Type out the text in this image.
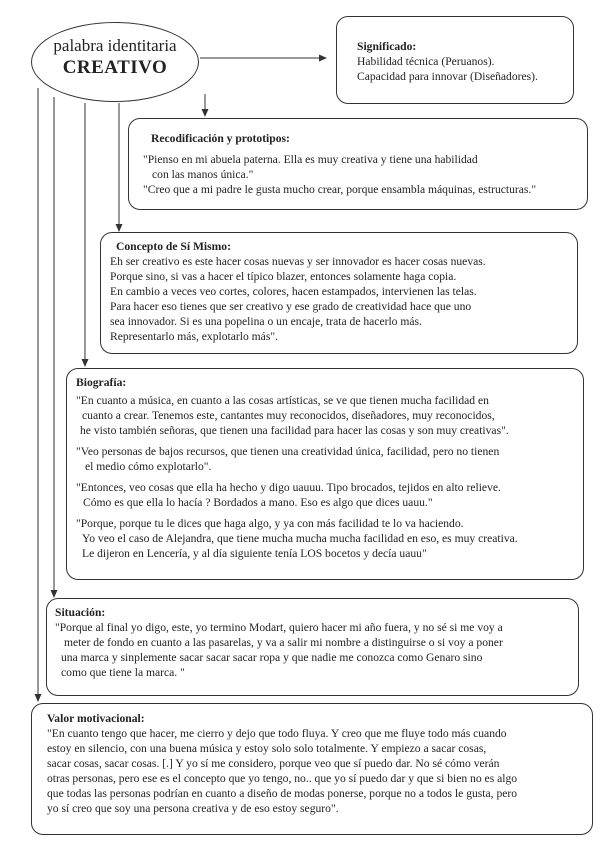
palabra identitaria
CREATIVO
Significado:
Habilidad técnica (Peruanos).
Capacidad para innovar (Diseñadores).
Recodificación y prototipos:
"Pienso en mi abuela paterna. Ella es muy creativa y tiene una habilidad
con las manos única."
"Creo que a mi padre le gusta mucho crear, porque ensambla máquinas, estructuras."
Concepto de Sí Mismo:
Eh ser creativo es este hacer cosas nuevas y ser innovador es hacer cosas nuevas.
Porque sino, si vas a hacer el típico blazer, entonces solamente haga copia.
En cambio a veces veo cortes, colores, hacen estampados, intervienen las telas.
Para hacer eso tienes que ser creativo y ese grado de creatividad hace que uno
sea innovador. Si es una popelina o un encaje, trata de hacerlo más.
Representarlo más, explotarlo más".
Biografía:
"En cuanto a música, en cuanto a las cosas artísticas, se ve que tienen mucha facilidad en
cuanto a crear. Tenemos este, cantantes muy reconocidos, diseñadores, muy reconocidos,
he visto también señoras, que tienen una facilidad para hacer las cosas y son muy creativas".
"Veo personas de bajos recursos, que tienen una creatividad única, facilidad, pero no tienen
el medio cómo explotarlo".
"Entonces, veo cosas que ella ha hecho y digo uauuu. Tipo brocados, tejidos en alto relieve.
Cómo es que ella lo hacía ? Bordados a mano. Eso es algo que dices uauu."
"Porque, porque tu le dices que haga algo, y ya con más facilidad te lo va haciendo.
Yo veo el caso de Alejandra, que tiene mucha mucha mucha facilidad en eso, es muy creativa.
Le dijeron en Lencería, y al día siguiente tenía LOS bocetos y decía uauu"
Situación:
"Porque al final yo digo, este, yo termino Modart, quiero hacer mi año fuera, y no sé si me voy a
meter de fondo en cuanto a las pasarelas, y va a salir mi nombre a distinguirse o si voy a poner
una marca y sinplemente sacar sacar sacar ropa y que nadie me conozca como Genaro sino
como que tiene la marca. "
Valor motivacional:
"En cuanto tengo que hacer, me cierro y dejo que todo fluya. Y creo que me fluye todo más cuando
estoy en silencio, con una buena música y estoy solo solo totalmente. Y empiezo a sacar cosas,
sacar cosas, sacar cosas. [.] Y yo sí me considero, porque veo que sí puedo dar. No sé cómo verán
otras personas, pero ese es el concepto que yo tengo, no.. que yo sí puedo dar y que si bien no es algo
que todas las personas podrían en cuanto a diseño de modas ponerse, porque no a todos le gusta, pero
yo sí creo que soy una persona creativa y de eso estoy seguro".
